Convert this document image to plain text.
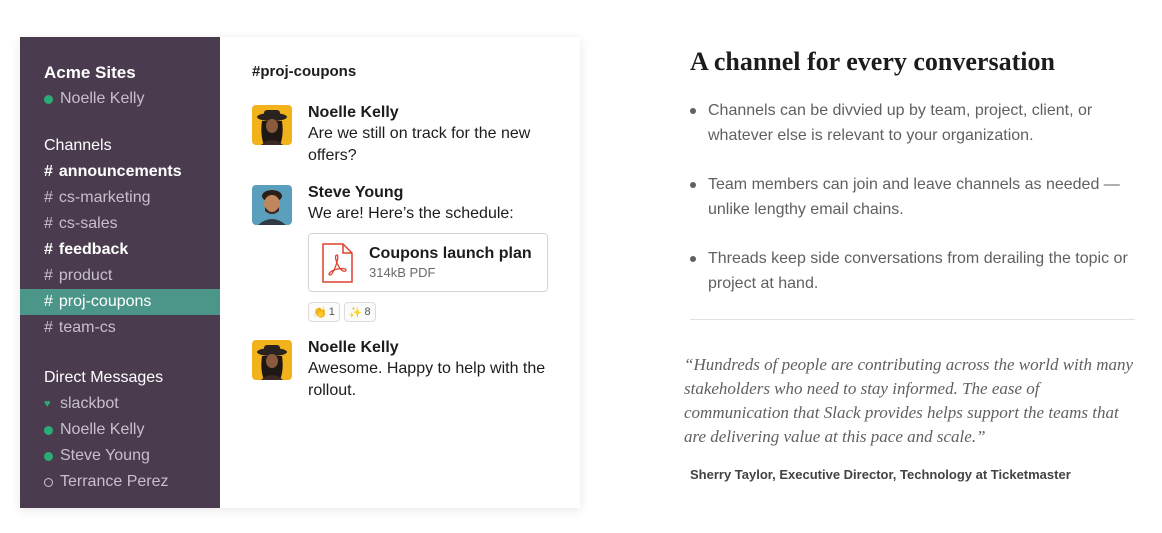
Acme Sites
Noelle Kelly
Channels
# announcements
# cs-marketing
# cs-sales
# feedback
# product
# proj-coupons
# team-cs
Direct Messages
♥ slackbot
Noelle Kelly
Steve Young
Terrance Perez
#proj-coupons
Noelle Kelly
Are we still on track for the new offers?
Steve Young
We are! Here’s the schedule:
Coupons launch plan
314kB PDF
👏 1 ✨ 8
Noelle Kelly
Awesome. Happy to help with the rollout.
A channel for every conversation
Channels can be divvied up by team, project, client, or whatever else is relevant to your organization.
Team members can join and leave channels as needed — unlike lengthy email chains.
Threads keep side conversations from derailing the topic or project at hand.
“Hundreds of people are contributing across the world with many stakeholders who need to stay informed. The ease of communication that Slack provides helps support the teams that are delivering value at this pace and scale.”
Sherry Taylor, Executive Director, Technology at Ticketmaster
